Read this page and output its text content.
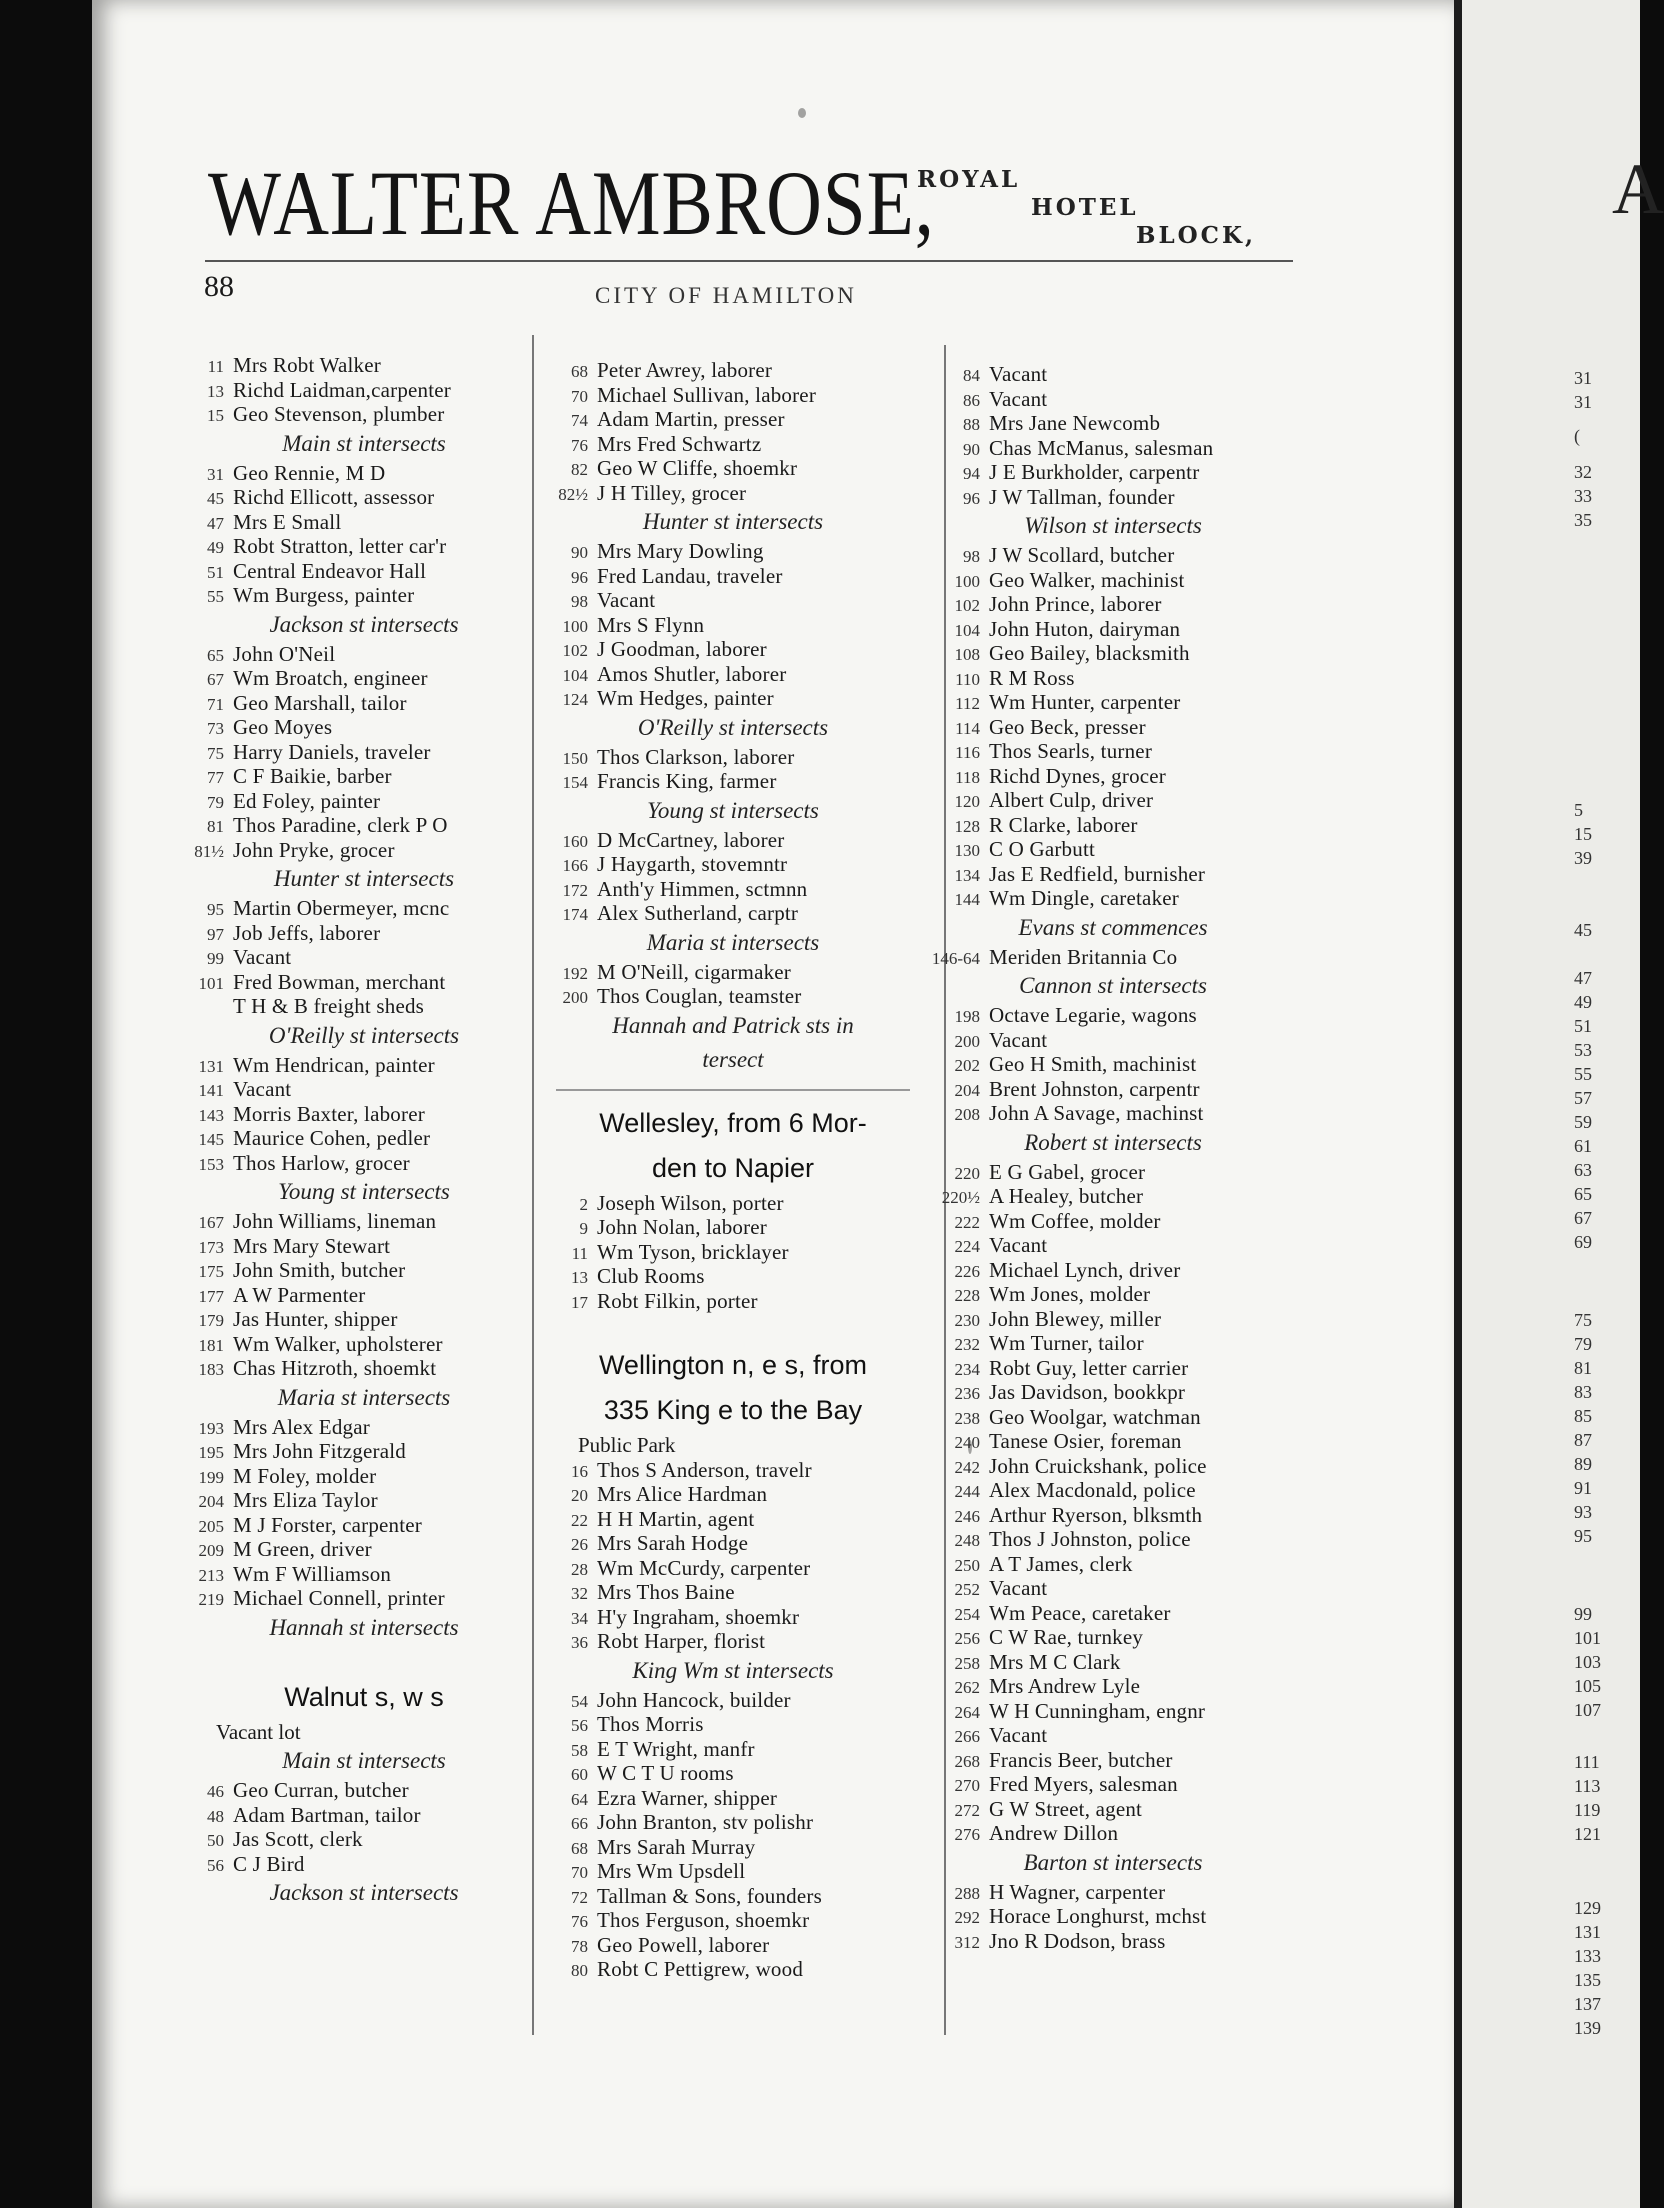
A
31
31
(
32
33
35
5
15
39
45
47
49
51
53
55
57
59
61
63
65
67
69
75
79
81
83
85
87
89
91
93
95
99
101
103
105
107
111
113
119
121
129
131
133
135
137
139
WALTER AMBROSE,
ROYAL
HOTEL
BLOCK,
88	CITY OF HAMILTON
11 Mrs Robt Walker
13 Richd Laidman,carpenter
15 Geo Stevenson, plumber
Main st intersects
31 Geo Rennie, M D
45 Richd Ellicott, assessor
47 Mrs E Small
49 Robt Stratton, letter car'r
51 Central Endeavor Hall
55 Wm Burgess, painter
Jackson st intersects
65 John O'Neil
67 Wm Broatch, engineer
71 Geo Marshall, tailor
73 Geo Moyes
75 Harry Daniels, traveler
77 C F Baikie, barber
79 Ed Foley, painter
81 Thos Paradine, clerk P O
81½ John Pryke, grocer
Hunter st intersects
95 Martin Obermeyer, mcnc
97 Job Jeffs, laborer
99 Vacant
101 Fred Bowman, merchant
T H & B freight sheds
O'Reilly st intersects
131 Wm Hendrican, painter
141 Vacant
143 Morris Baxter, laborer
145 Maurice Cohen, pedler
153 Thos Harlow, grocer
Young st intersects
167 John Williams, lineman
173 Mrs Mary Stewart
175 John Smith, butcher
177 A W Parmenter
179 Jas Hunter, shipper
181 Wm Walker, upholsterer
183 Chas Hitzroth, shoemkt
Maria st intersects
193 Mrs Alex Edgar
195 Mrs John Fitzgerald
199 M Foley, molder
204 Mrs Eliza Taylor
205 M J Forster, carpenter
209 M Green, driver
213 Wm F Williamson
219 Michael Connell, printer
Hannah st intersects
Walnut s, w s
Vacant lot
Main st intersects
46 Geo Curran, butcher
48 Adam Bartman, tailor
50 Jas Scott, clerk
56 C J Bird
Jackson st intersects
68 Peter Awrey, laborer
70 Michael Sullivan, laborer
74 Adam Martin, presser
76 Mrs Fred Schwartz
82 Geo W Cliffe, shoemkr
82½ J H Tilley, grocer
Hunter st intersects
90 Mrs Mary Dowling
96 Fred Landau, traveler
98 Vacant
100 Mrs S Flynn
102 J Goodman, laborer
104 Amos Shutler, laborer
124 Wm Hedges, painter
O'Reilly st intersects
150 Thos Clarkson, laborer
154 Francis King, farmer
Young st intersects
160 D McCartney, laborer
166 J Haygarth, stovemntr
172 Anth'y Himmen, sctmnn
174 Alex Sutherland, carptr
Maria st intersects
192 M O'Neill, cigarmaker
200 Thos Couglan, teamster
Hannah and Patrick sts in
tersect
Wellesley, from 6 Mor-
den to Napier
2 Joseph Wilson, porter
9 John Nolan, laborer
11 Wm Tyson, bricklayer
13 Club Rooms
17 Robt Filkin, porter
Wellington n, e s, from
335 King e to the Bay
Public Park
16 Thos S Anderson, travelr
20 Mrs Alice Hardman
22 H H Martin, agent
26 Mrs Sarah Hodge
28 Wm McCurdy, carpenter
32 Mrs Thos Baine
34 H'y Ingraham, shoemkr
36 Robt Harper, florist
King Wm st intersects
54 John Hancock, builder
56 Thos Morris
58 E T Wright, manfr
60 W C T U rooms
64 Ezra Warner, shipper
66 John Branton, stv polishr
68 Mrs Sarah Murray
70 Mrs Wm Upsdell
72 Tallman & Sons, founders
76 Thos Ferguson, shoemkr
78 Geo Powell, laborer
80 Robt C Pettigrew, wood
84 Vacant
86 Vacant
88 Mrs Jane Newcomb
90 Chas McManus, salesman
94 J E Burkholder, carpentr
96 J W Tallman, founder
Wilson st intersects
98 J W Scollard, butcher
100 Geo Walker, machinist
102 John Prince, laborer
104 John Huton, dairyman
108 Geo Bailey, blacksmith
110 R M Ross
112 Wm Hunter, carpenter
114 Geo Beck, presser
116 Thos Searls, turner
118 Richd Dynes, grocer
120 Albert Culp, driver
128 R Clarke, laborer
130 C O Garbutt
134 Jas E Redfield, burnisher
144 Wm Dingle, caretaker
Evans st commences
146-64 Meriden Britannia Co
Cannon st intersects
198 Octave Legarie, wagons
200 Vacant
202 Geo H Smith, machinist
204 Brent Johnston, carpentr
208 John A Savage, machinst
Robert st intersects
220 E G Gabel, grocer
220½ A Healey, butcher
222 Wm Coffee, molder
224 Vacant
226 Michael Lynch, driver
228 Wm Jones, molder
230 John Blewey, miller
232 Wm Turner, tailor
234 Robt Guy, letter carrier
236 Jas Davidson, bookkpr
238 Geo Woolgar, watchman
240 Tanese Osier, foreman
242 John Cruickshank, police
244 Alex Macdonald, police
246 Arthur Ryerson, blksmth
248 Thos J Johnston, police
250 A T James, clerk
252 Vacant
254 Wm Peace, caretaker
256 C W Rae, turnkey
258 Mrs M C Clark
262 Mrs Andrew Lyle
264 W H Cunningham, engnr
266 Vacant
268 Francis Beer, butcher
270 Fred Myers, salesman
272 G W Street, agent
276 Andrew Dillon
Barton st intersects
288 H Wagner, carpenter
292 Horace Longhurst, mchst
312 Jno R Dodson, brass
